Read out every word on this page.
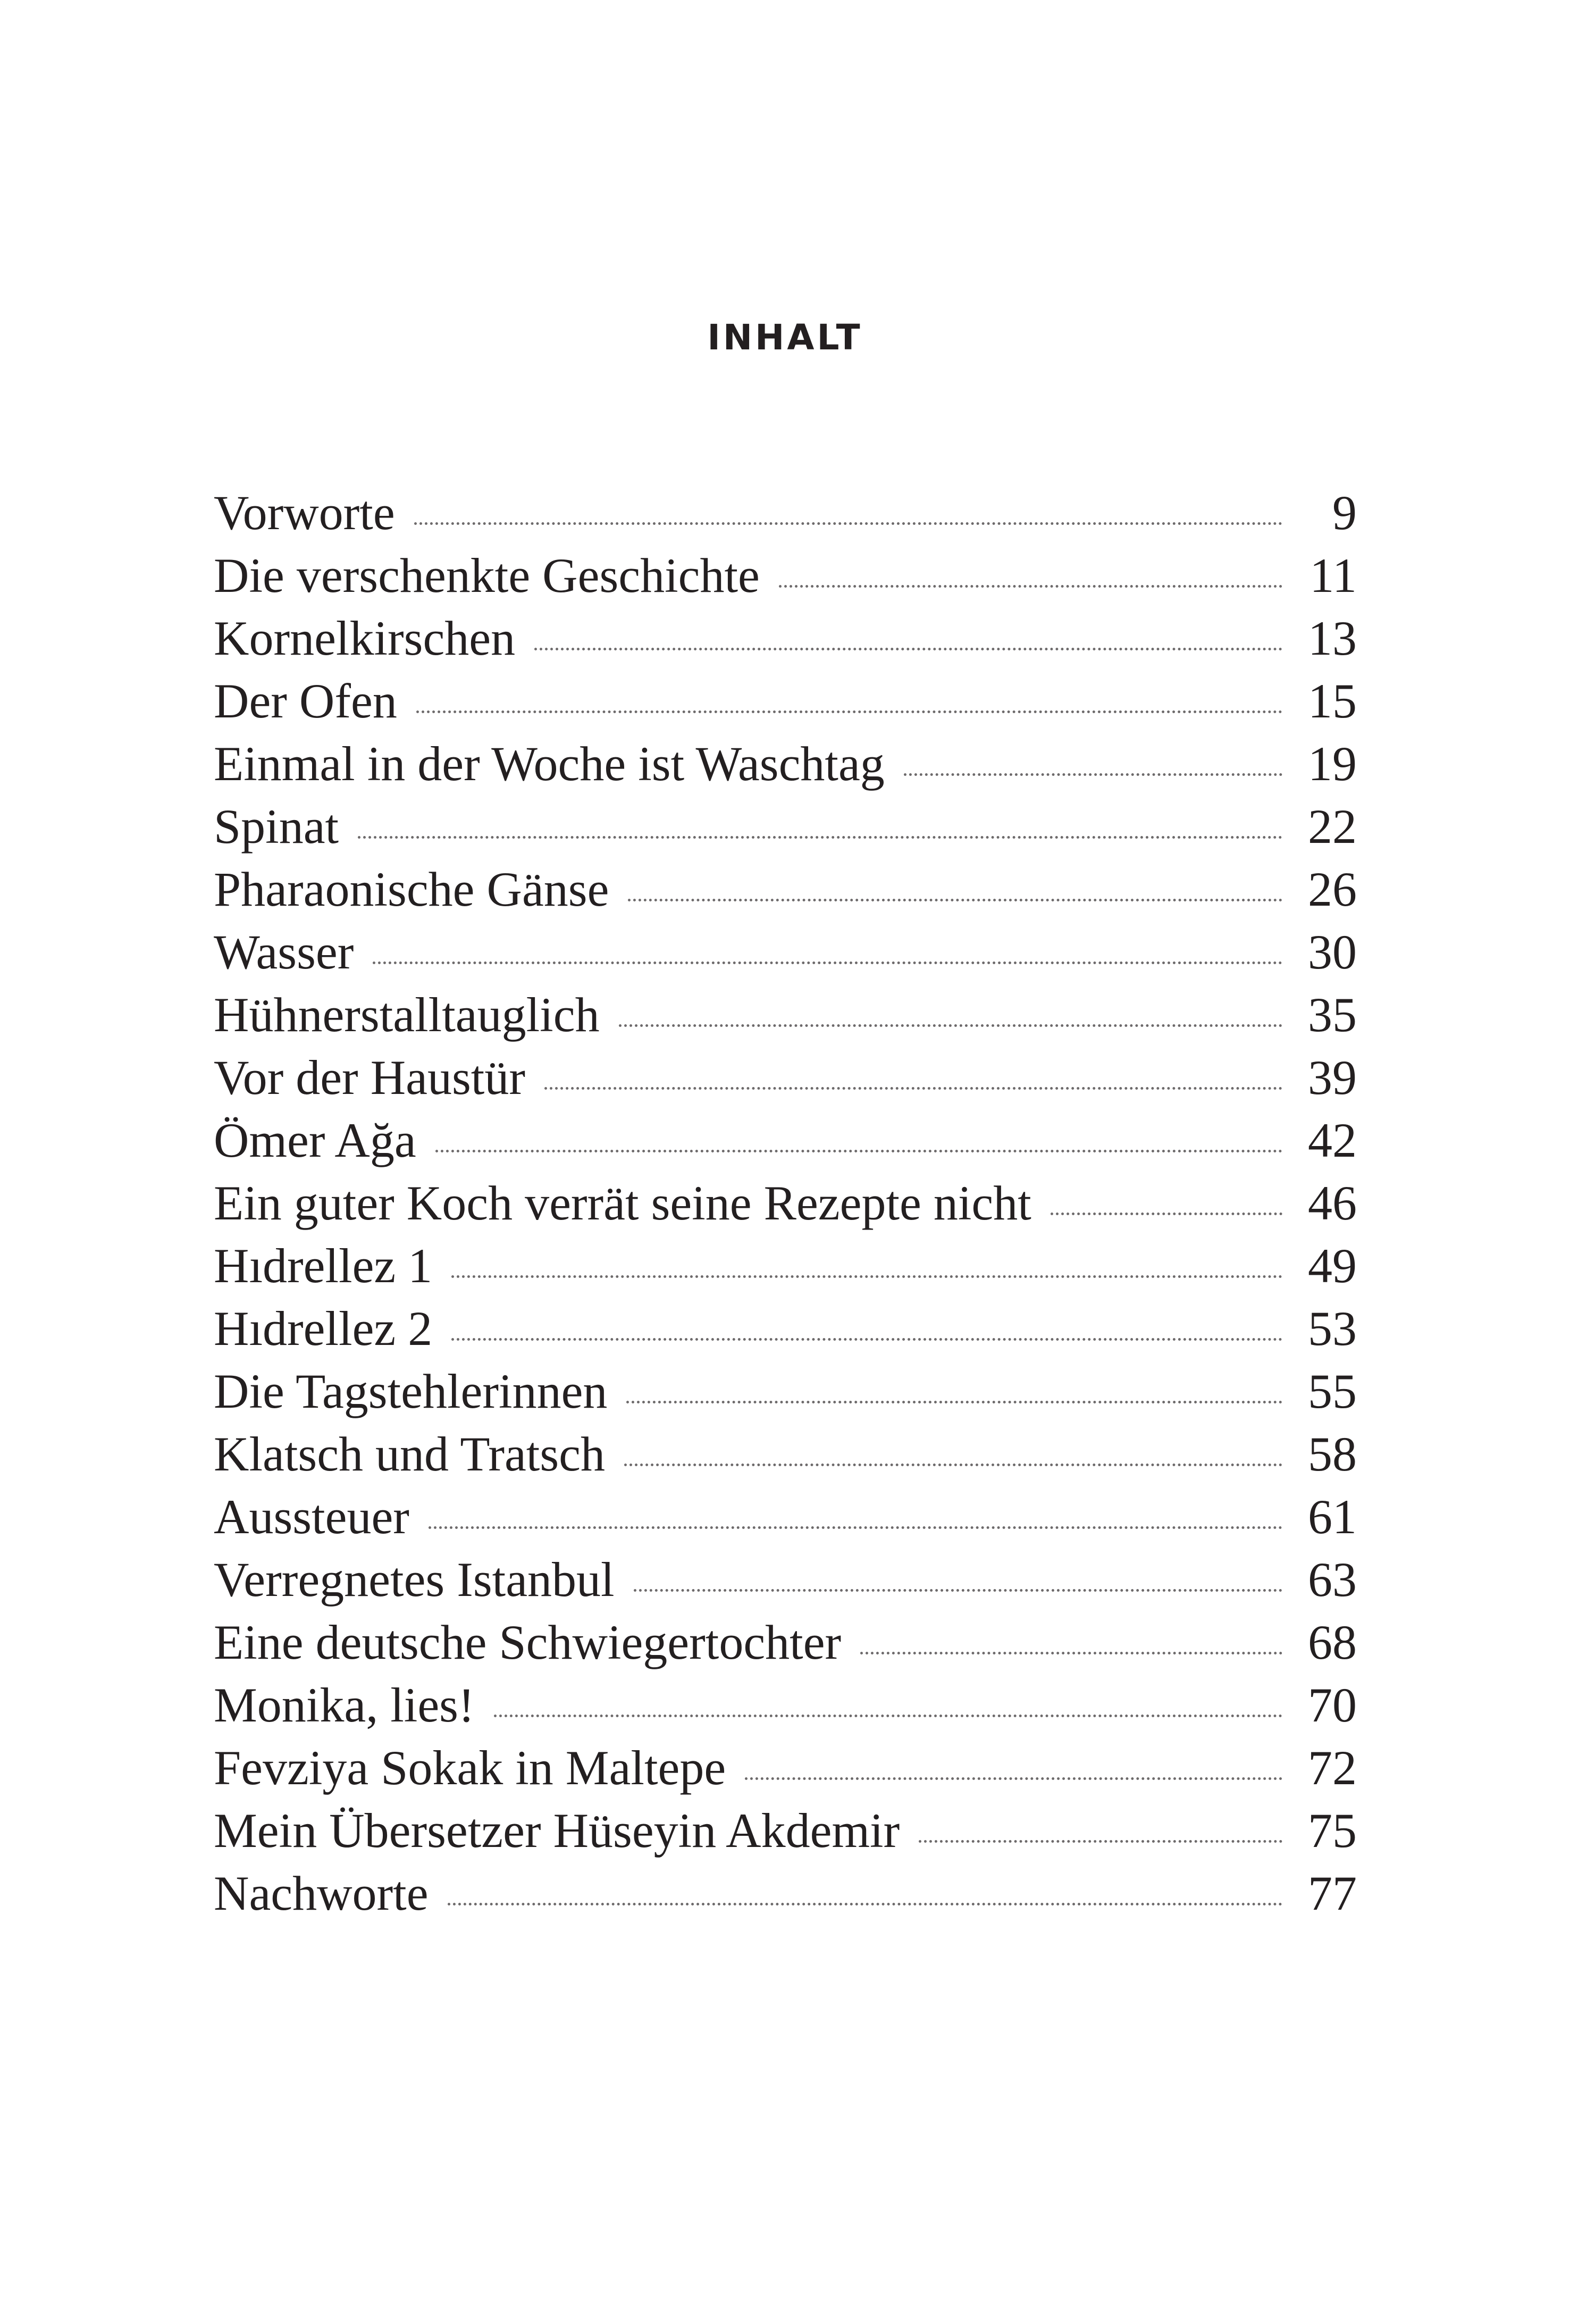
INHALT
Vorworte	9
Die verschenkte Geschichte	11
Kornelkirschen	13
Der Ofen	15
Einmal in der Woche ist Waschtag	19
Spinat	22
Pharaonische Gänse	26
Wasser	30
Hühnerstalltauglich	35
Vor der Haustür	39
Ömer Ağa	42
Ein guter Koch verrät seine Rezepte nicht	46
Hıdrellez 1	49
Hıdrellez 2	53
Die Tagstehlerinnen	55
Klatsch und Tratsch	58
Aussteuer	61
Verregnetes Istanbul	63
Eine deutsche Schwiegertochter	68
Monika, lies!	70
Fevziya Sokak in Maltepe	72
Mein Übersetzer Hüseyin Akdemir	75
Nachworte	77
